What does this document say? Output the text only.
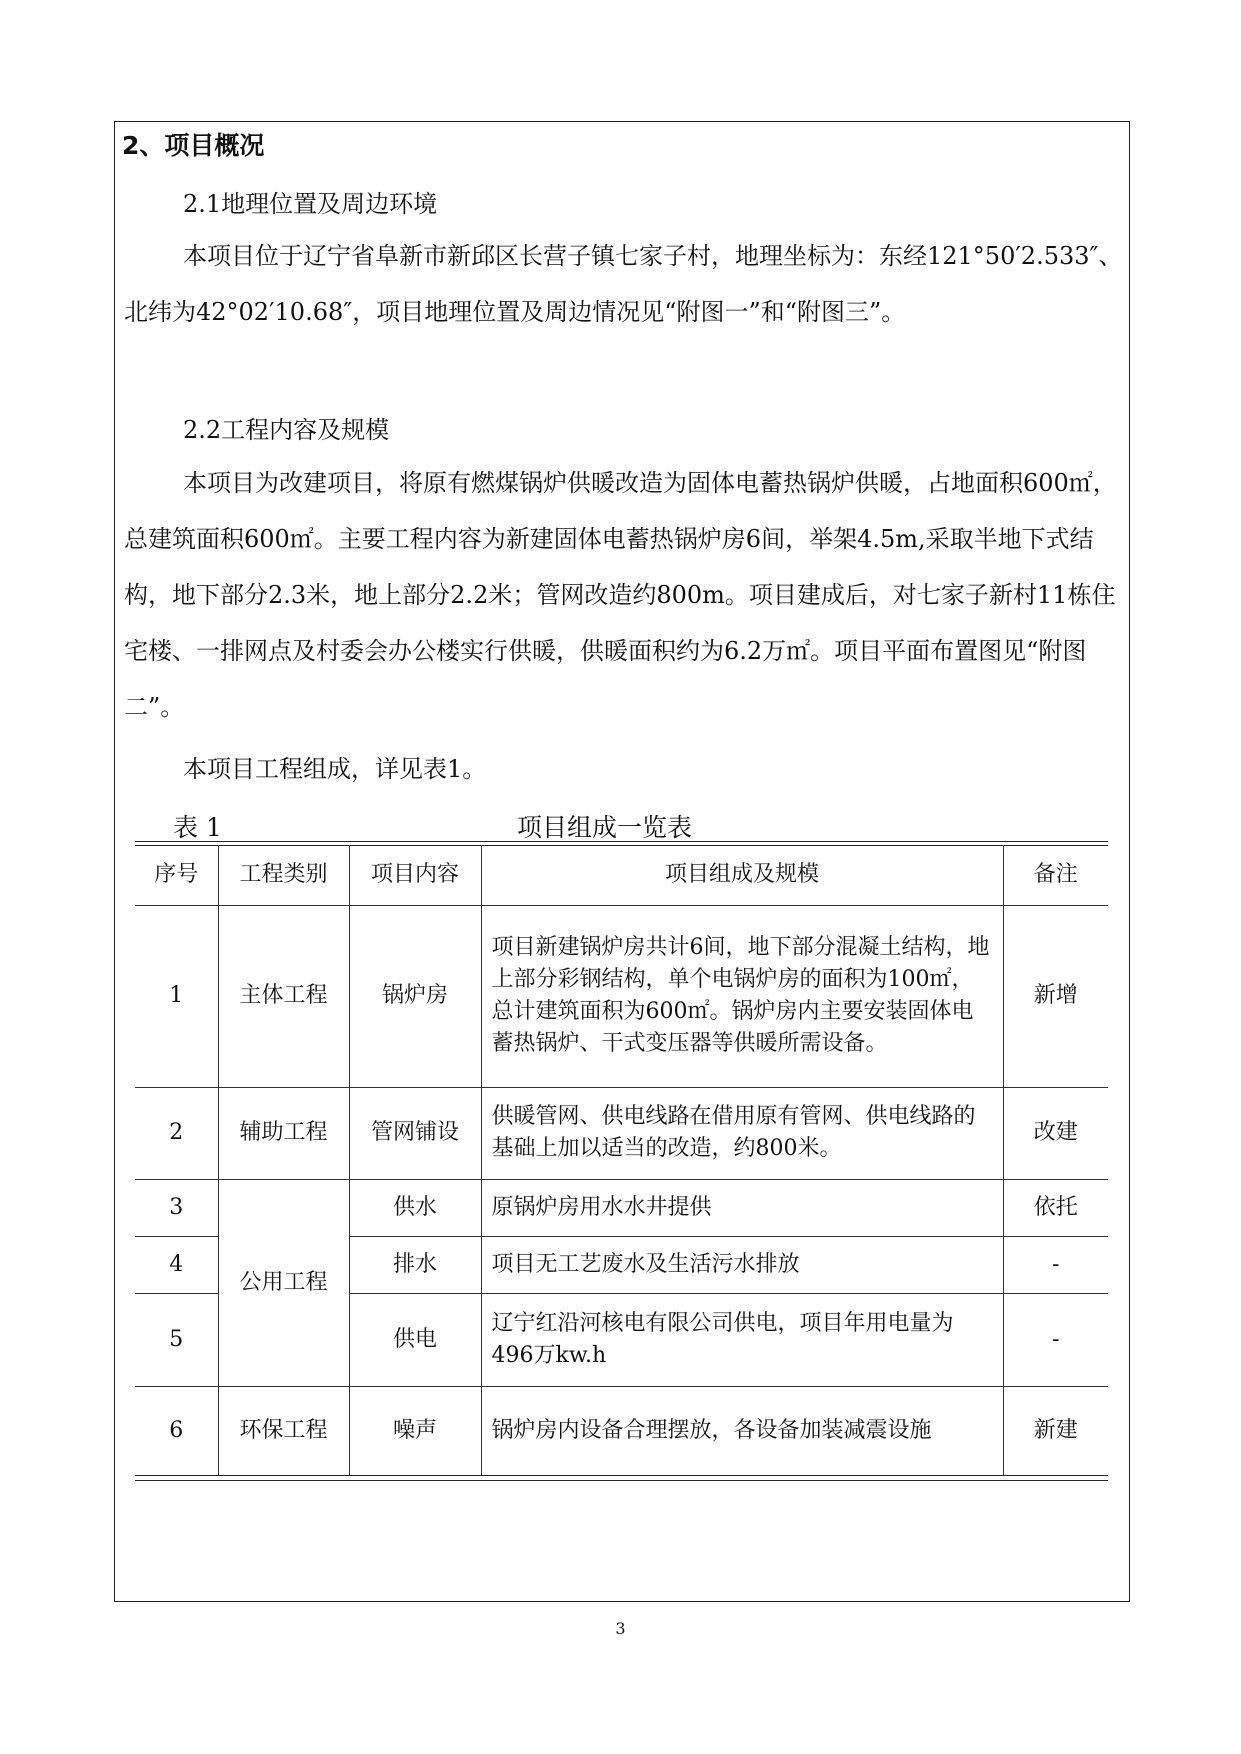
2、项目概况
2.1地理位置及周边环境

本项目位于辽宁省阜新市新邱区长营子镇七家子村，地理坐标为：东经121°50′2.533″、北纬为42°02′10.68″，项目地理位置及周边情况见“附图一”和“附图三”。

2.2工程内容及规模

本项目为改建项目，将原有燃煤锅炉供暖改造为固体电蓄热锅炉供暖，占地面积600㎡，总建筑面积600㎡。主要工程内容为新建固体电蓄热锅炉房6间，举架4.5m,采取半地下式结构，地下部分2.3米，地上部分2.2米；管网改造约800m。项目建成后，对七家子新村11栋住宅楼、一排网点及村委会办公楼实行供暖，供暖面积约为6.2万㎡。项目平面布置图见“附图二”。

本项目工程组成，详见表1。

表 1	项目组成一览表
序号	工程类别	项目内容	项目组成及规模	备注
1	主体工程	锅炉房	项目新建锅炉房共计6间，地下部分混凝土结构，地上部分彩钢结构，单个电锅炉房的面积为100㎡，总计建筑面积为600㎡。锅炉房内主要安装固体电蓄热锅炉、干式变压器等供暖所需设备。	新增
2	辅助工程	管网铺设	供暖管网、供电线路在借用原有管网、供电线路的基础上加以适当的改造，约800米。	改建
3	公用工程	供水	原锅炉房用水水井提供	依托
4		排水	项目无工艺废水及生活污水排放	-
5		供电	辽宁红沿河核电有限公司供电，项目年用电量为496万kw.h	-
6	环保工程	噪声	锅炉房内设备合理摆放，各设备加装减震设施	新建
3
